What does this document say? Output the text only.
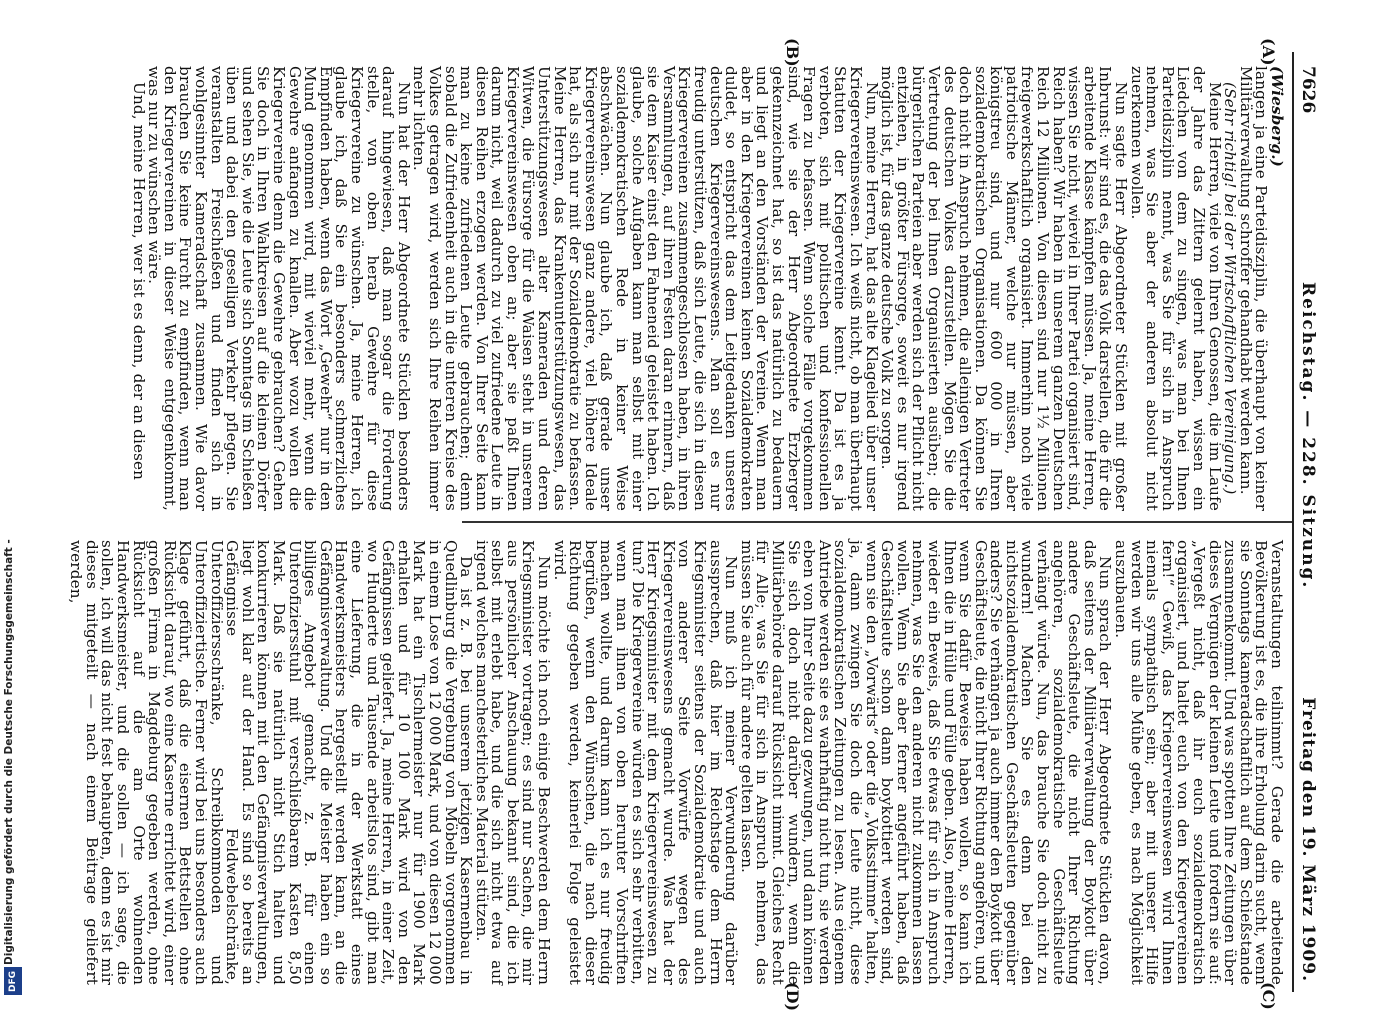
Digitalisierung gefördert durch die Deutsche Forschungsgemeinschaft -
DFG
7626
Reichstag. — 228. Sitzung.
Freitag den 19. März 1909.
(A)
(B)
(C)
(D)

(Wiesberg.)

langen ja eine Parteidisziplin, die überhaupt von keiner Militärverwaltung schroffer gehandhabt werden kann.

(Sehr richtig! bei der Wirtschaftlichen Vereinigung.)

Meine Herren, viele von Ihren Genossen, die im Laufe der Jahre das Zittern gelernt haben, wissen ein Liedchen von dem zu singen, was man bei Ihnen Parteidisziplin nennt, was Sie für sich in Anspruch nehmen, was Sie aber der anderen absolut nicht zuerkennen wollen.

Nun sagte Herr Abgeordneter Stücklen mit großer Inbrunst: wir sind es, die das Volk darstellen, die für die arbeitende Klasse kämpfen müssen. Ja, meine Herren, wissen Sie nicht, wieviel in Ihrer Partei organisiert sind, Reich haben? Wir haben in unserem ganzen Deutschen Reich 12 Millionen. Von diesen sind nur 1½ Millionen freigewerkschaftlich organisiert. Immerhin noch viele patriotische Männer, welche nur müssen, aber königstreu sind, und nur 600 000 in Ihren sozialdemokratischen Organisationen. Da können Sie doch nicht in Anspruch nehmen, die alleinigen Vertreter des deutschen Volkes darzustellen. Mögen Sie die Vertretung der bei Ihnen Organisierten ausüben; die bürgerlichen Parteien aber werden sich der Pflicht nicht entziehen, in größter Fürsorge, soweit es nur irgend möglich ist, für das ganze deutsche Volk zu sorgen.

Nun, meine Herren, hat das alte Klagelied über unser Kriegervereinswesen. Ich weiß nicht, ob man überhaupt Statuten der Kriegervereine kennt. Da ist es ja verboten, sich mit politischen und konfessionellen Fragen zu befassen. Wenn solche Fälle vorgekommen sind, wie sie der Herr Abgeordnete Erzberger gekennzeichnet hat, so ist das natürlich zu bedauern und liegt an den Vorständen der Vereine. Wenn man aber in den Kriegervereinen keinen Sozialdemokraten duldet, so entspricht das dem Leitgedanken unseres deutschen Kriegervereinswesens. Man soll es nur freudig unterstützen, daß sich Leute, die sich in diesen Kriegervereinen zusammengeschlossen haben, in ihren Versammlungen, auf ihren Festen daran erinnern, daß sie dem Kaiser einst den Fahneneid geleistet haben. Ich glaube, solche Aufgaben kann man selbst mit einer sozialdemokratischen Rede in keiner Weise abschwächen. Nun glaube ich, daß gerade unser Kriegervereinswesen ganz andere, viel höhere Ideale hat, als sich nur mit der Sozialdemokratie zu befassen. Meine Herren, das Krankenunterstützungswesen, das Unterstützungswesen alter Kameraden und deren Witwen, die Fürsorge für die Waisen steht in unserem Kriegervereinswesen oben an; aber sie paßt Ihnen darum nicht, weil dadurch zu viel zufriedene Leute in diesen Reihen erzogen werden. Von Ihrer Seite kann man zu keine zufriedenen Leute gebrauchen; denn sobald die Zufriedenheit auch in die unteren Kreise des Volkes getragen wird, werden sich Ihre Reihen immer mehr lichten.

Nun hat der Herr Abgeordnete Stücklen besonders darauf hingewiesen, daß man sogar die Forderung stelle, von oben herab Gewehre für diese Kriegervereine zu wünschen. Ja, meine Herren, ich glaube ich, daß Sie ein besonders schmerzliches Empfinden haben, wenn das Wort „Gewehr“ nur in den Mund genommen wird, mit wieviel mehr, wenn die Gewehre anfangen zu knallen. Aber wozu wollen die Kriegervereine denn die Gewehre gebrauchen? Gehen Sie doch in Ihren Wahlkreisen auf die kleinen Dörfer und sehen Sie, wie die Leute sich Sonntags im Schießen üben und dabei den geselligen Verkehr pflegen. Sie veranstalten Freischießen und finden sich in wohlgesinnter Kameradschaft zusammen. Wie davor brauchen Sie keine Furcht zu empfinden, wenn man den Kriegervereinen in dieser Weise entgegenkommt, was nur zu wünschen wäre.

Und, meine Herren, wer ist es denn, der an diesen

Veranstaltungen teilnimmt? Gerade die arbeitende Bevölkerung ist es, die ihre Erholung darin sucht, wenn sie Sonntags kameradschaftlich auf dem Schießstande zusammenkommt. Und was spotten Ihre Zeitungen über dieses Vergnügen der kleinen Leute und fordern sie auf: „Vergeßt nicht, daß ihr euch sozialdemokratisch organisiert, und haltet euch von den Kriegervereinen fern!“ Gewiß, das Kriegervereinswesen wird Ihnen niemals sympathisch sein; aber mit unserer Hilfe werden wir uns alle Mühe geben, es nach Möglichkeit auszubauen.

Nun sprach der Herr Abgeordnete Stücklen davon, daß seitens der Militärverwaltung der Boykott über andere Geschäftsleute, die nicht Ihrer Richtung angehören, sozialdemokratische Geschäftsleute verhängt würde. Nun, das brauche Sie doch nicht zu wundern! Machen Sie es denn bei den nichtsozialdemokratischen Geschäftsleuten gegenüber anders? Sie verhängen ja auch immer den Boykott über Geschäftsleute, die nicht Ihrer Richtung angehören, und wenn Sie dafür Beweise haben wollen, so kann ich Ihnen die in Hülle und Fülle geben. Also, meine Herren, wieder ein Beweis, daß Sie etwas für sich in Anspruch nehmen, was Sie den anderen nicht zukommen lassen wollen. Wenn Sie aber ferner angeführt haben, daß Geschäftsleute schon dann boykottiert werden sind, wenn sie den „Vorwärts“ oder die „Volksstimme“ halten, ja, dann zwingen Sie doch die Leute nicht, diese sozialdemokratischen Zeitungen zu lesen. Aus eigenem Antriebe werden sie es wahrhaftig nicht tun, sie werden eben von Ihrer Seite dazu gezwungen, und dann können Sie sich doch nicht darüber wundern, wenn die Militärbehörde darauf Rücksicht nimmt. Gleiches Recht für Alle; was Sie für sich in Anspruch nehmen, das müssen Sie auch für andere gelten lassen.

Nun muß ich meiner Verwunderung darüber aussprechen, daß hier im Reichstage dem Herrn Kriegsminister seitens der Sozialdemokratie und auch von anderer Seite Vorwürfe wegen des Kriegervereinswesens gemacht wurde. Was hat der Herr Kriegsminister mit dem Kriegervereinswesen zu tun? Die Kriegervereine würden es sich sehr verbitten, wenn man ihnen von oben herunter Vorschriften machen wollte, und darum kann ich es nur freudig begrüßen, wenn den Wünschen, die nach dieser Richtung gegeben werden, keinerlei Folge geleistet wird.

Nun möchte ich noch einige Beschwerden dem Herrn Kriegsminister vortragen; es sind nur Sachen, die mir aus persönlicher Anschauung bekannt sind, die ich selbst mit erlebt habe, und die sich nicht etwa auf irgend welches manchesterliches Material stützen.

Da ist z. B. bei unserem jetzigen Kasernenbau in Quedlinburg die Vergebung von Möbeln vorgenommen in einem Lose von 12 000 Mark, und von diesen 12 000 Mark hat ein Tischlermeister nur für 1900 Mark erhalten und für 10 100 Mark wird von den Gefängnissen geliefert. Ja, meine Herren, in einer Zeit, wo Hunderte und Tausende arbeitslos sind, gibt man eine Lieferung, die in der Werkstatt eines Handwerksmeisters hergestellt werden kann, an die Gefängnisverwaltung. Und die Meister haben ein so billiges Angebot gemacht, z. B. für einen Unterofiziersstuhl mit verschließbarem Kasten 8,50 Mark. Daß sie natürlich nicht Stich halten und konkurrieren können mit den Gefängnisverwaltungen, liegt wohl klar auf der Hand. Es sind so bereits an Gefängnisse Feldwebelschränke, Unteroffiziersschränke, Schreibkommoden und Unteroffiziertische. Ferner wird bei uns besonders auch Klage geführt, daß die eisernen Bettstellen ohne Rücksicht darauf, wo eine Kaserne errichtet wird, einer großen Firma in Magdeburg gegeben werden, ohne Rücksicht auf die am Orte wohnenden Handwerksmeister, und die sollen — ich sage, die sollen, ich will das nicht fest behaupten, denn es ist mir dieses mitgeteilt — nach einem Beitrage geliefert werden,
